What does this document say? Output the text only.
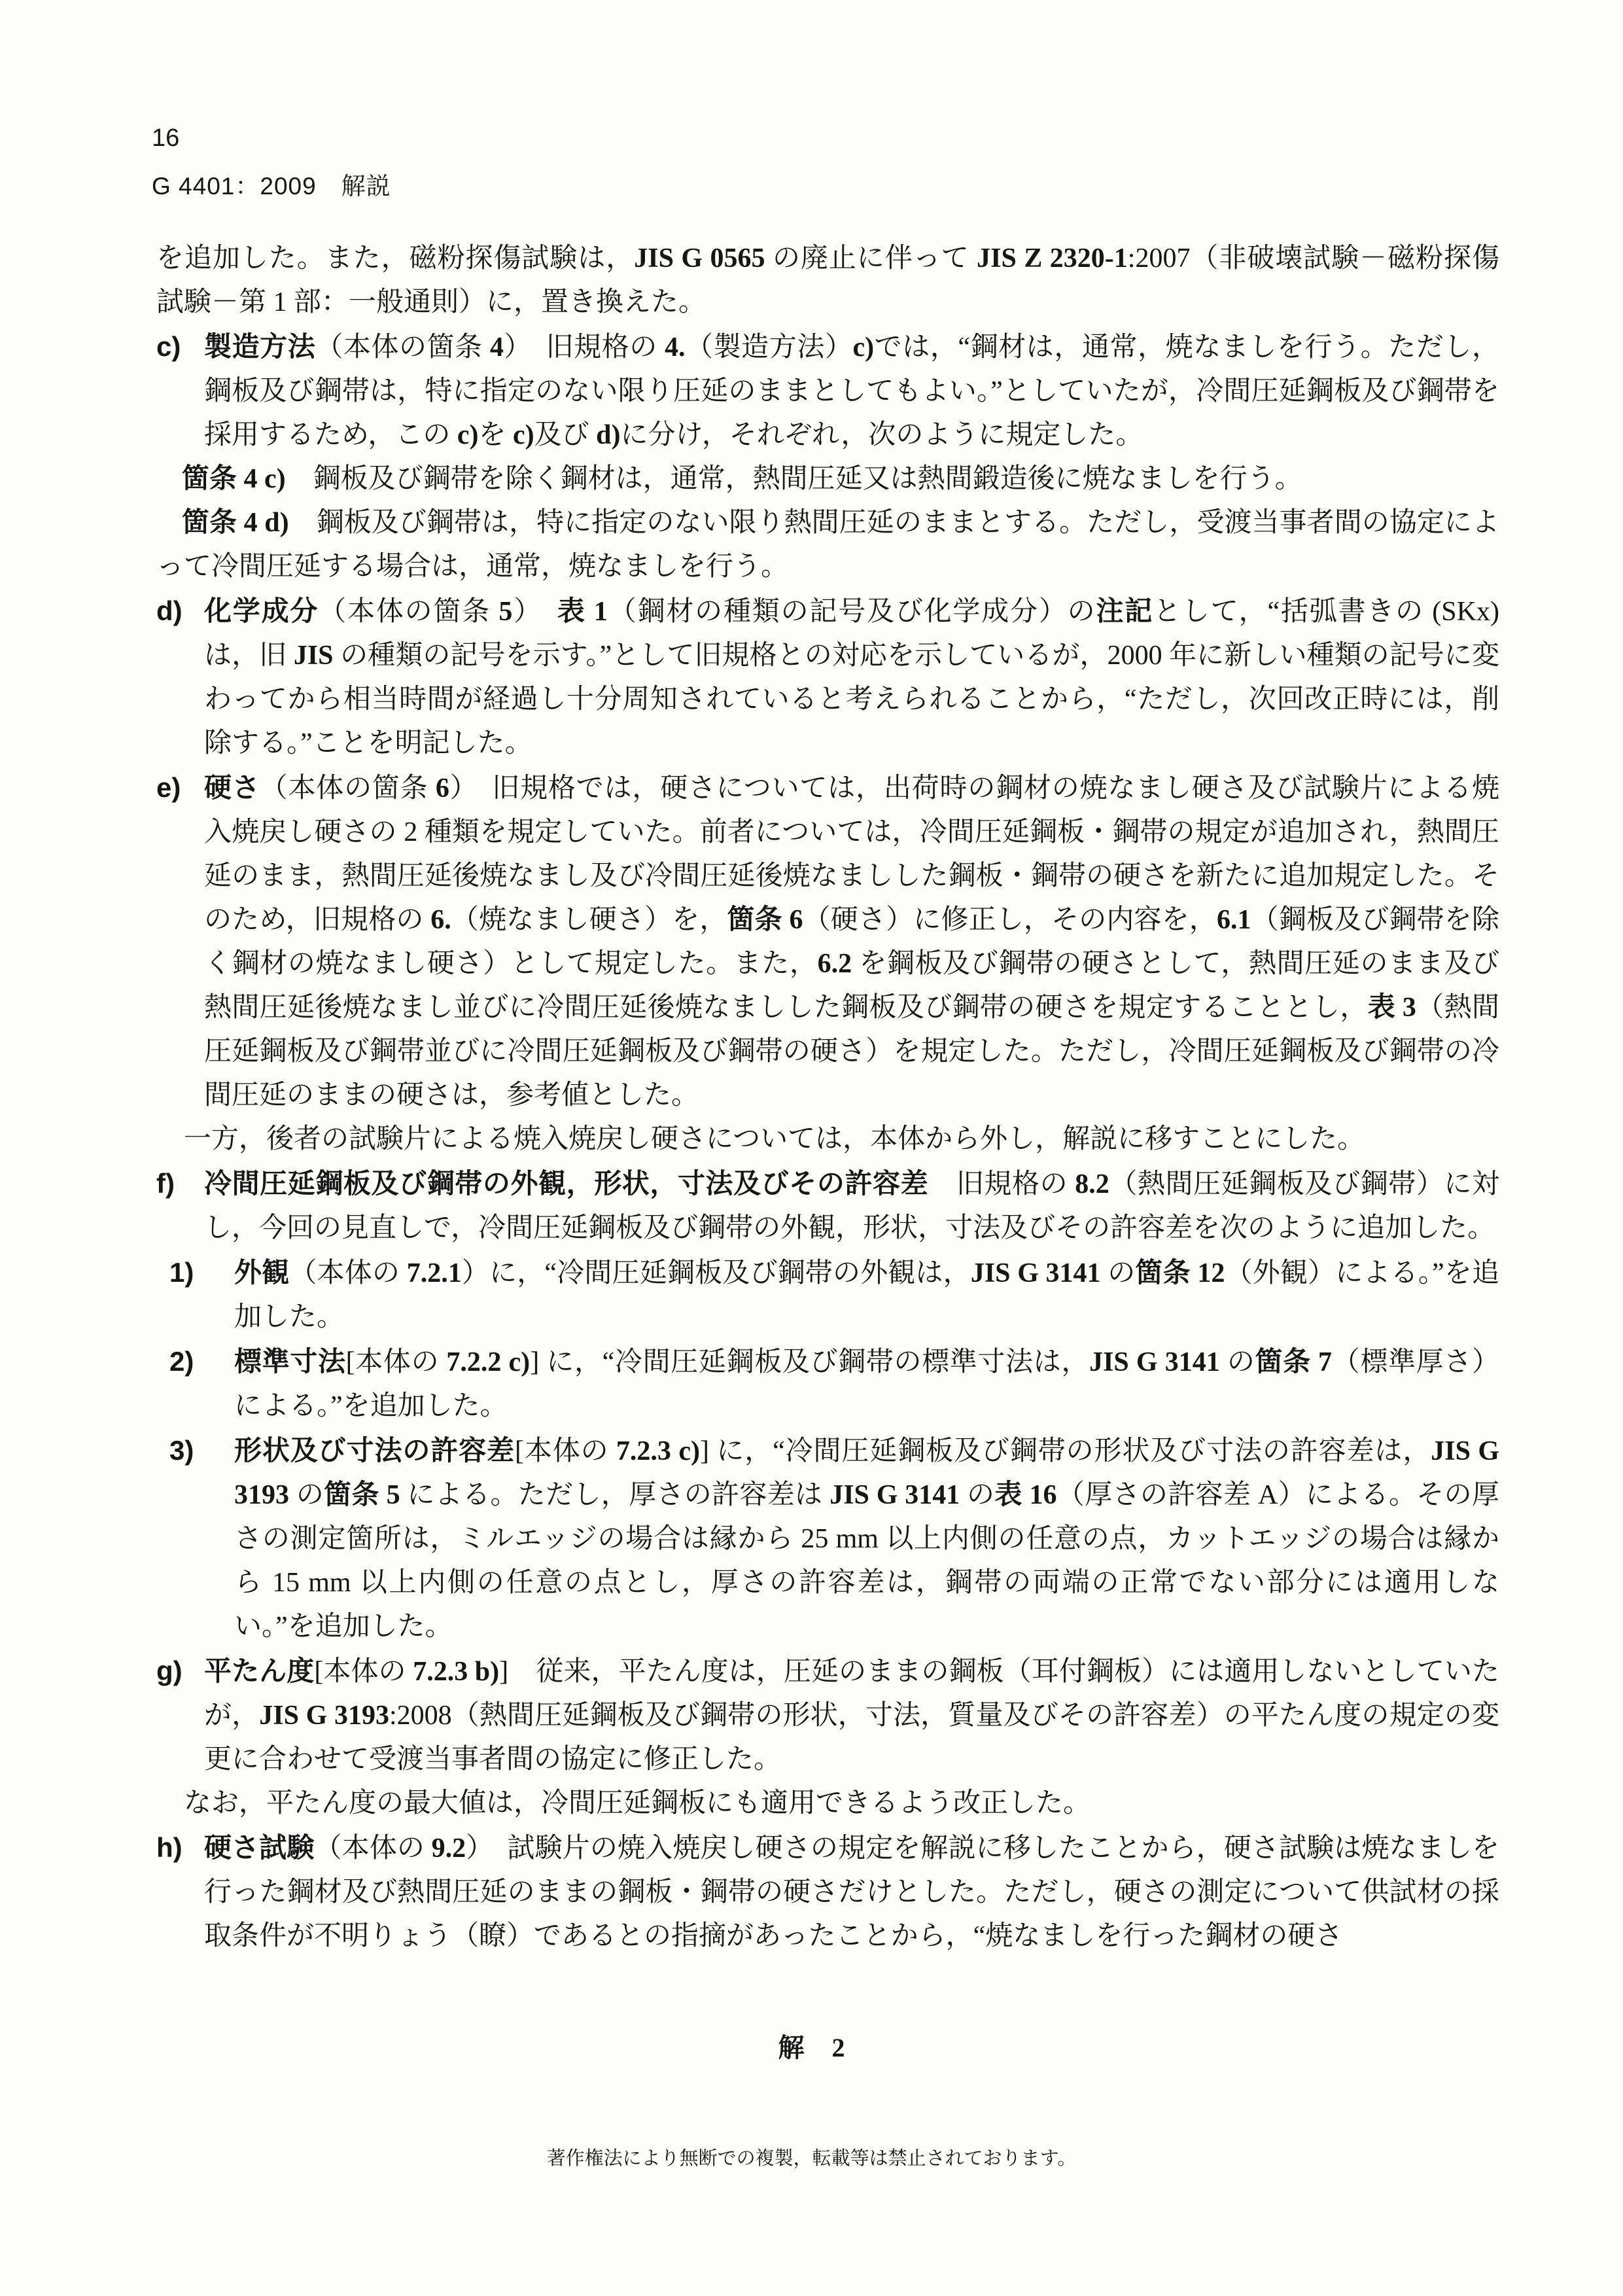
16
G 4401：2009　解説

を追加した。また，磁粉探傷試験は，JIS G 0565 の廃止に伴って JIS Z 2320-1:2007（非破壊試験－磁粉探傷試験－第 1 部：一般通則）に，置き換えた。

c) 製造方法（本体の箇条 4）　旧規格の 4.（製造方法）c)では，“鋼材は，通常，焼なましを行う。ただし，鋼板及び鋼帯は，特に指定のない限り圧延のままとしてもよい。”としていたが，冷間圧延鋼板及び鋼帯を採用するため，この c)を c)及び d)に分け，それぞれ，次のように規定した。

箇条 4 c)　鋼板及び鋼帯を除く鋼材は，通常，熱間圧延又は熱間鍛造後に焼なましを行う。

箇条 4 d)　鋼板及び鋼帯は，特に指定のない限り熱間圧延のままとする。ただし，受渡当事者間の協定によって冷間圧延する場合は，通常，焼なましを行う。

d) 化学成分（本体の箇条 5）　表 1（鋼材の種類の記号及び化学成分）の注記として，“括弧書きの (SKx) は，旧 JIS の種類の記号を示す。”として旧規格との対応を示しているが，2000 年に新しい種類の記号に変わってから相当時間が経過し十分周知されていると考えられることから，“ただし，次回改正時には，削除する。”ことを明記した。

e) 硬さ（本体の箇条 6）　旧規格では，硬さについては，出荷時の鋼材の焼なまし硬さ及び試験片による焼入焼戻し硬さの 2 種類を規定していた。前者については，冷間圧延鋼板・鋼帯の規定が追加され，熱間圧延のまま，熱間圧延後焼なまし及び冷間圧延後焼なましした鋼板・鋼帯の硬さを新たに追加規定した。そのため，旧規格の 6.（焼なまし硬さ）を，箇条 6（硬さ）に修正し，その内容を，6.1（鋼板及び鋼帯を除く鋼材の焼なまし硬さ）として規定した。また，6.2 を鋼板及び鋼帯の硬さとして，熱間圧延のまま及び熱間圧延後焼なまし並びに冷間圧延後焼なましした鋼板及び鋼帯の硬さを規定することとし，表 3（熱間圧延鋼板及び鋼帯並びに冷間圧延鋼板及び鋼帯の硬さ）を規定した。ただし，冷間圧延鋼板及び鋼帯の冷間圧延のままの硬さは，参考値とした。

一方，後者の試験片による焼入焼戻し硬さについては，本体から外し，解説に移すことにした。

f) 冷間圧延鋼板及び鋼帯の外観，形状，寸法及びその許容差　旧規格の 8.2（熱間圧延鋼板及び鋼帯）に対し，今回の見直しで，冷間圧延鋼板及び鋼帯の外観，形状，寸法及びその許容差を次のように追加した。

1) 外観（本体の 7.2.1）に，“冷間圧延鋼板及び鋼帯の外観は，JIS G 3141 の箇条 12（外観）による。”を追加した。

2) 標準寸法[本体の 7.2.2 c)] に，“冷間圧延鋼板及び鋼帯の標準寸法は，JIS G 3141 の箇条 7（標準厚さ）による。”を追加した。

3) 形状及び寸法の許容差[本体の 7.2.3 c)] に，“冷間圧延鋼板及び鋼帯の形状及び寸法の許容差は，JIS G 3193 の箇条 5 による。ただし，厚さの許容差は JIS G 3141 の表 16（厚さの許容差 A）による。その厚さの測定箇所は，ミルエッジの場合は縁から 25 mm 以上内側の任意の点，カットエッジの場合は縁から 15 mm 以上内側の任意の点とし，厚さの許容差は，鋼帯の両端の正常でない部分には適用しない。”を追加した。

g) 平たん度[本体の 7.2.3 b)]　従来，平たん度は，圧延のままの鋼板（耳付鋼板）には適用しないとしていたが，JIS G 3193:2008（熱間圧延鋼板及び鋼帯の形状，寸法，質量及びその許容差）の平たん度の規定の変更に合わせて受渡当事者間の協定に修正した。

なお，平たん度の最大値は，冷間圧延鋼板にも適用できるよう改正した。

h) 硬さ試験（本体の 9.2）　試験片の焼入焼戻し硬さの規定を解説に移したことから，硬さ試験は焼なましを行った鋼材及び熱間圧延のままの鋼板・鋼帯の硬さだけとした。ただし，硬さの測定について供試材の採取条件が不明りょう（瞭）であるとの指摘があったことから，“焼なましを行った鋼材の硬さ

解 2
著作権法により無断での複製，転載等は禁止されております。
